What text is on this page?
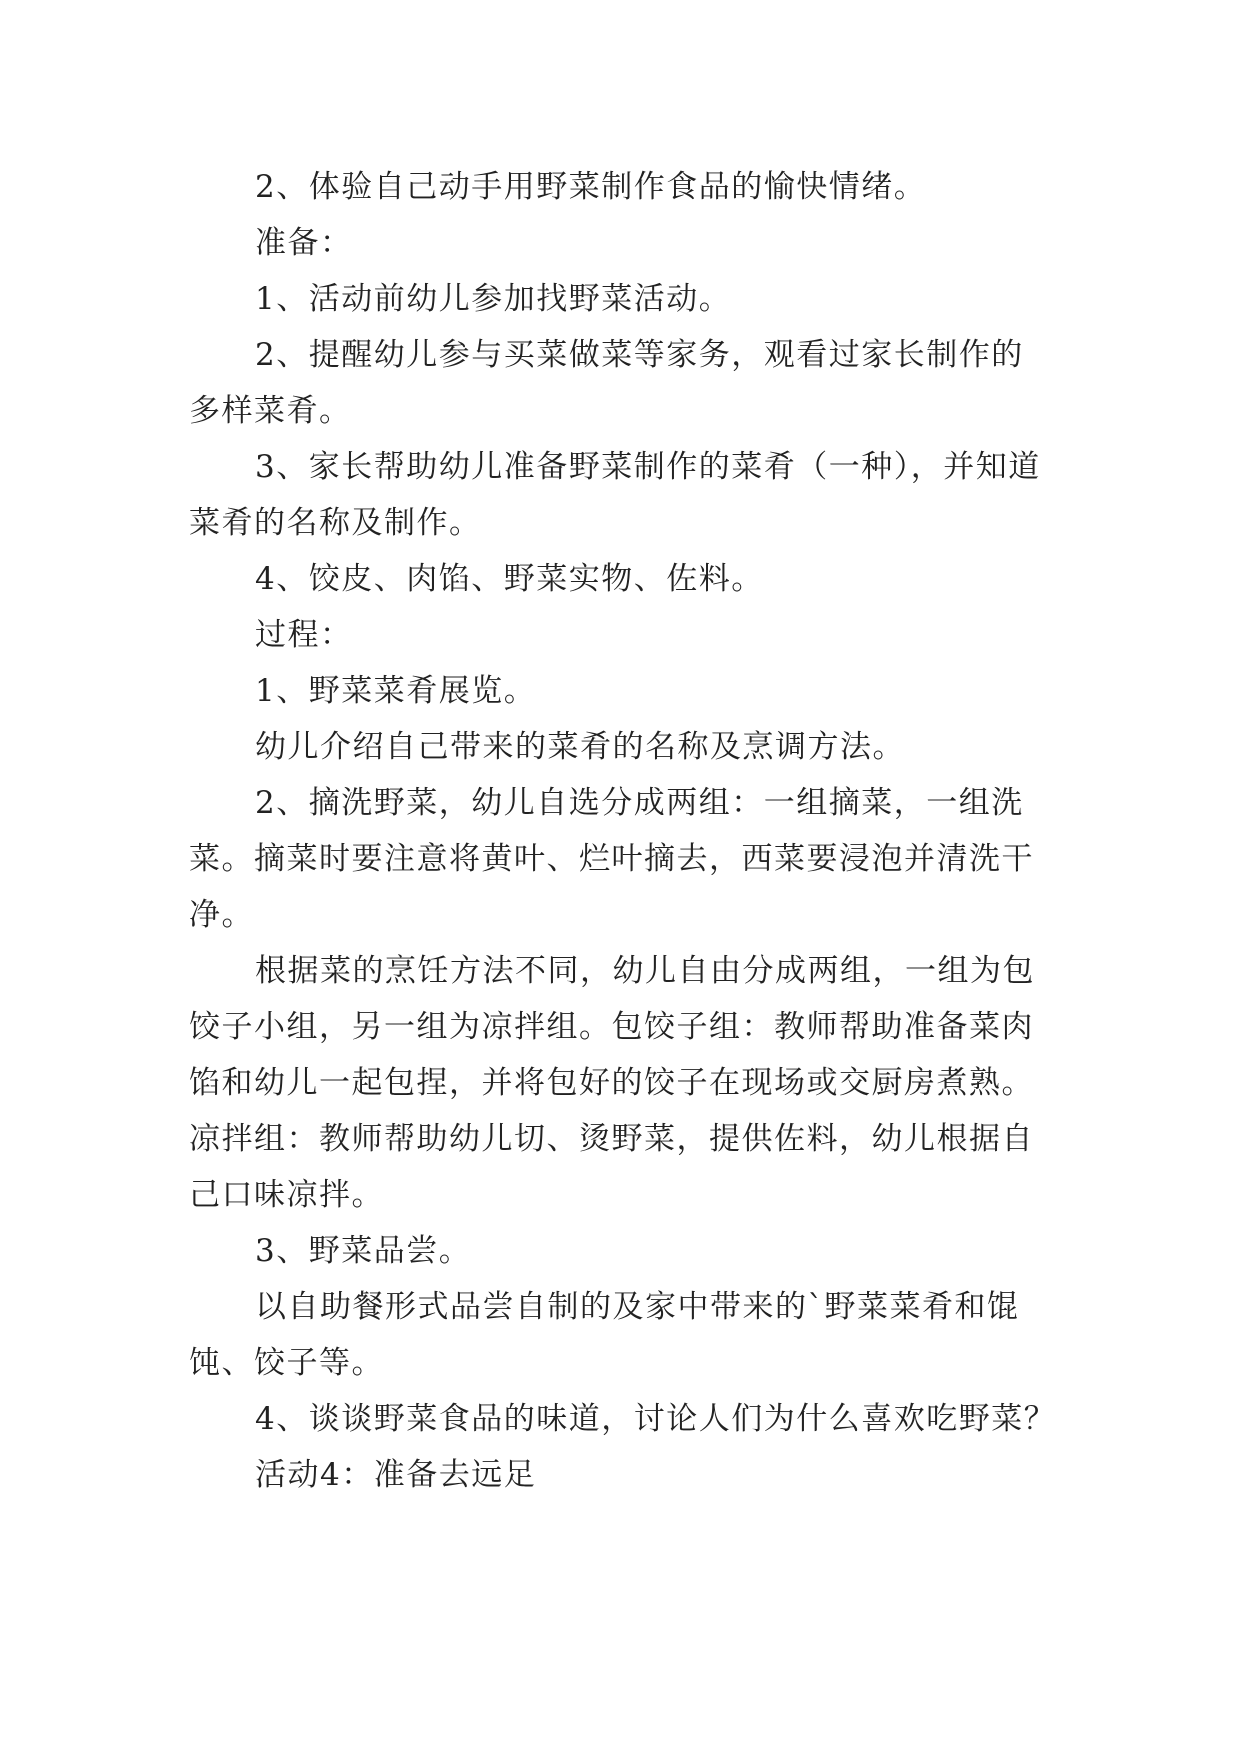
2、体验自己动手用野菜制作食品的愉快情绪。
准备：
1、活动前幼儿参加找野菜活动。
2、提醒幼儿参与买菜做菜等家务，观看过家长制作的
多样菜肴。
3、家长帮助幼儿准备野菜制作的菜肴（一种），并知道
菜肴的名称及制作。
4、饺皮、肉馅、野菜实物、佐料。
过程：
1、野菜菜肴展览。
幼儿介绍自己带来的菜肴的名称及烹调方法。
2、摘洗野菜，幼儿自选分成两组：一组摘菜，一组洗
菜。摘菜时要注意将黄叶、烂叶摘去，西菜要浸泡并清洗干
净。
根据菜的烹饪方法不同，幼儿自由分成两组，一组为包
饺子小组，另一组为凉拌组。包饺子组：教师帮助准备菜肉
馅和幼儿一起包捏，并将包好的饺子在现场或交厨房煮熟。
凉拌组：教师帮助幼儿切、烫野菜，提供佐料，幼儿根据自
己口味凉拌。
3、野菜品尝。
以自助餐形式品尝自制的及家中带来的`野菜菜肴和馄
饨、饺子等。
4、谈谈野菜食品的味道，讨论人们为什么喜欢吃野菜？
活动4：准备去远足
